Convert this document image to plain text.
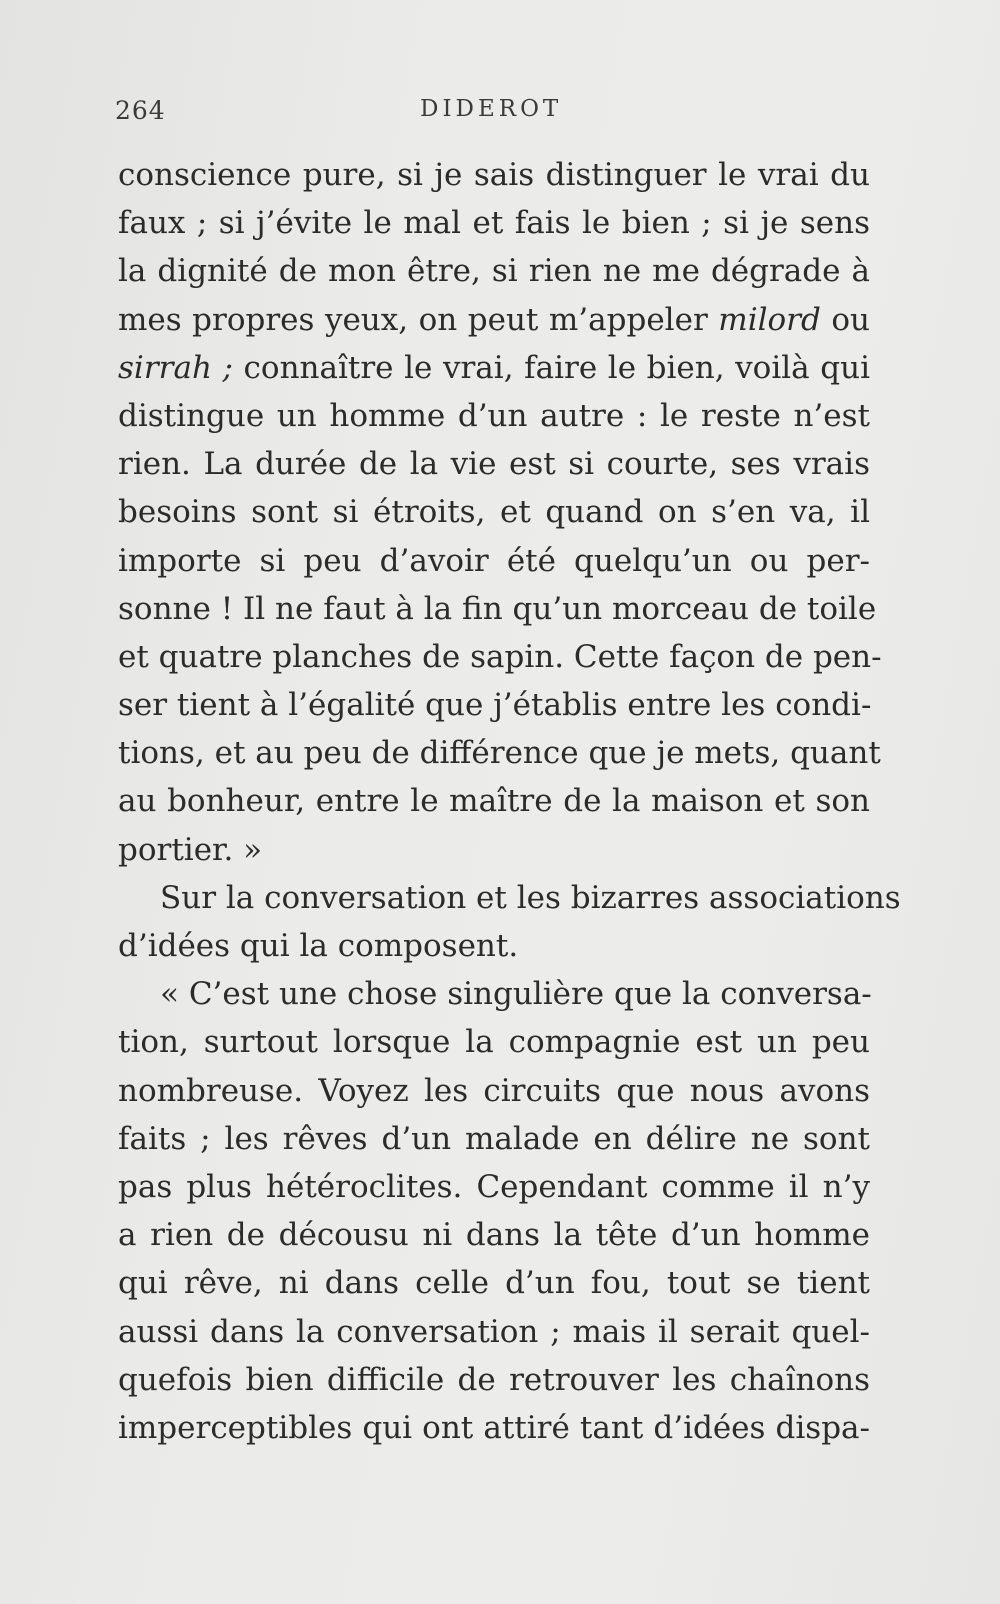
264	DIDEROT
conscience pure, si je sais distinguer le vrai du
faux ; si j’évite le mal et fais le bien ; si je sens
la dignité de mon être, si rien ne me dégrade à
mes propres yeux, on peut m’appeler milord ou
sirrah ; connaître le vrai, faire le bien, voilà qui
distingue un homme d’un autre : le reste n’est
rien. La durée de la vie est si courte, ses vrais
besoins sont si étroits, et quand on s’en va, il
importe si peu d’avoir été quelqu’un ou per-
sonne ! Il ne faut à la fin qu’un morceau de toile
et quatre planches de sapin. Cette façon de pen-
ser tient à l’égalité que j’établis entre les condi-
tions, et au peu de différence que je mets, quant
au bonheur, entre le maître de la maison et son
portier. »
Sur la conversation et les bizarres associations
d’idées qui la composent.
« C’est une chose singulière que la conversa-
tion, surtout lorsque la compagnie est un peu
nombreuse. Voyez les circuits que nous avons
faits ; les rêves d’un malade en délire ne sont
pas plus hétéroclites. Cependant comme il n’y
a rien de décousu ni dans la tête d’un homme
qui rêve, ni dans celle d’un fou, tout se tient
aussi dans la conversation ; mais il serait quel-
quefois bien difficile de retrouver les chaînons
imperceptibles qui ont attiré tant d’idées dispa-
